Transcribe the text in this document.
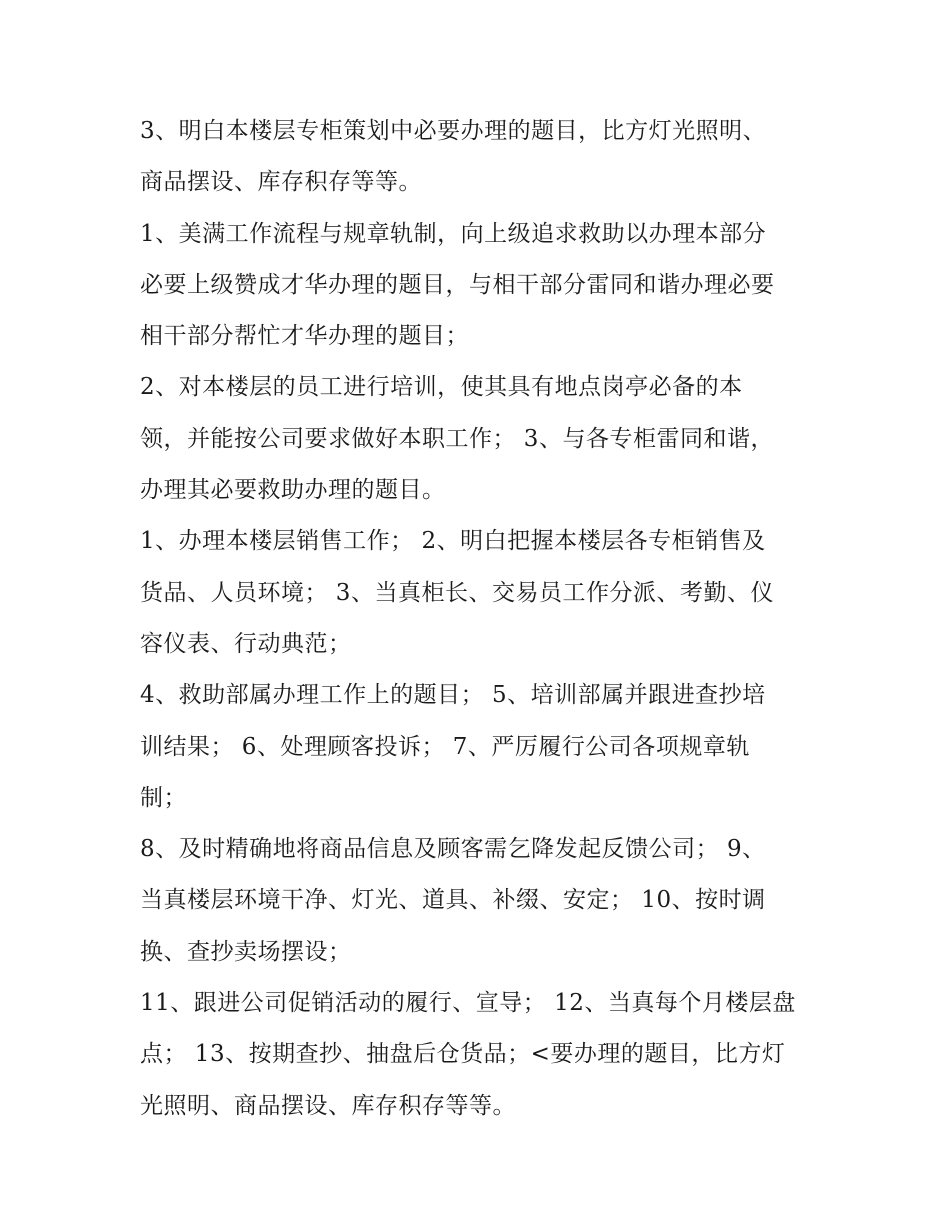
3、明白本楼层专柜策划中必要办理的题目，比方灯光照明、
商品摆设、库存积存等等。

1、美满工作流程与规章轨制，向上级追求救助以办理本部分
必要上级赞成才华办理的题目，与相干部分雷同和谐办理必要
相干部分帮忙才华办理的题目；

2、对本楼层的员工进行培训，使其具有地点岗亭必备的本
领，并能按公司要求做好本职工作； 3、与各专柜雷同和谐，
办理其必要救助办理的题目。

1、办理本楼层销售工作； 2、明白把握本楼层各专柜销售及
货品、人员环境； 3、当真柜长、交易员工作分派、考勤、仪
容仪表、行动典范；

4、救助部属办理工作上的题目； 5、培训部属并跟进查抄培
训结果； 6、处理顾客投诉； 7、严厉履行公司各项规章轨
制；

8、及时精确地将商品信息及顾客需乞降发起反馈公司； 9、
当真楼层环境干净、灯光、道具、补缀、安定； 10、按时调
换、查抄卖场摆设；

11、跟进公司促销活动的履行、宣导； 12、当真每个月楼层盘
点； 13、按期查抄、抽盘后仓货品；<要办理的题目，比方灯
光照明、商品摆设、库存积存等等。
